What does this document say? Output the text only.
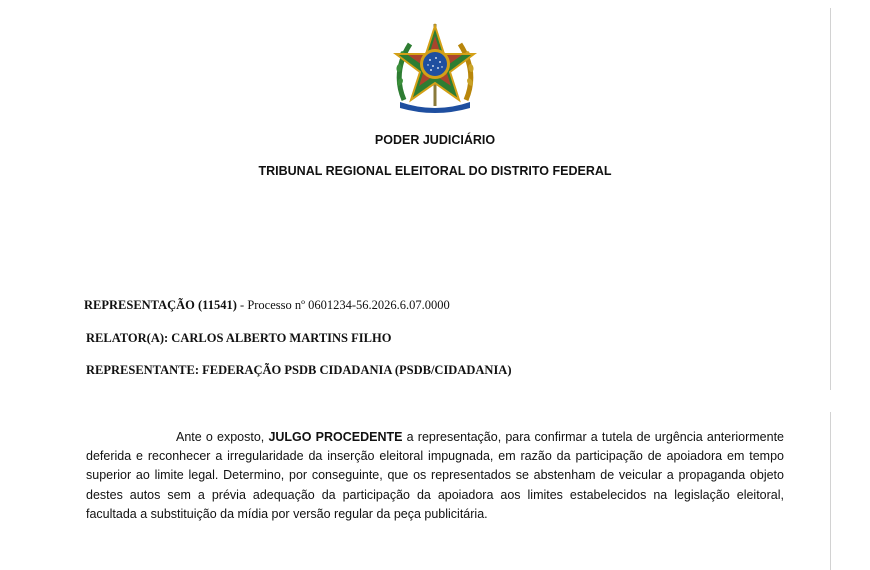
PODER JUDICIÁRIO
TRIBUNAL REGIONAL ELEITORAL DO DISTRITO FEDERAL
REPRESENTAÇÃO (11541) - Processo nº 0601234-56.2026.6.07.0000
RELATOR(A): CARLOS ALBERTO MARTINS FILHO
REPRESENTANTE: FEDERAÇÃO PSDB CIDADANIA (PSDB/CIDADANIA)
Ante o exposto, JULGO PROCEDENTE a representação, para confirmar a tutela de urgência anteriormente deferida e reconhecer a irregularidade da inserção eleitoral impugnada, em razão da participação de apoiadora em tempo superior ao limite legal. Determino, por conseguinte, que os representados se abstenham de veicular a propaganda objeto destes autos sem a prévia adequação da participação da apoiadora aos limites estabelecidos na legislação eleitoral, facultada a substituição da mídia por versão regular da peça publicitária.
